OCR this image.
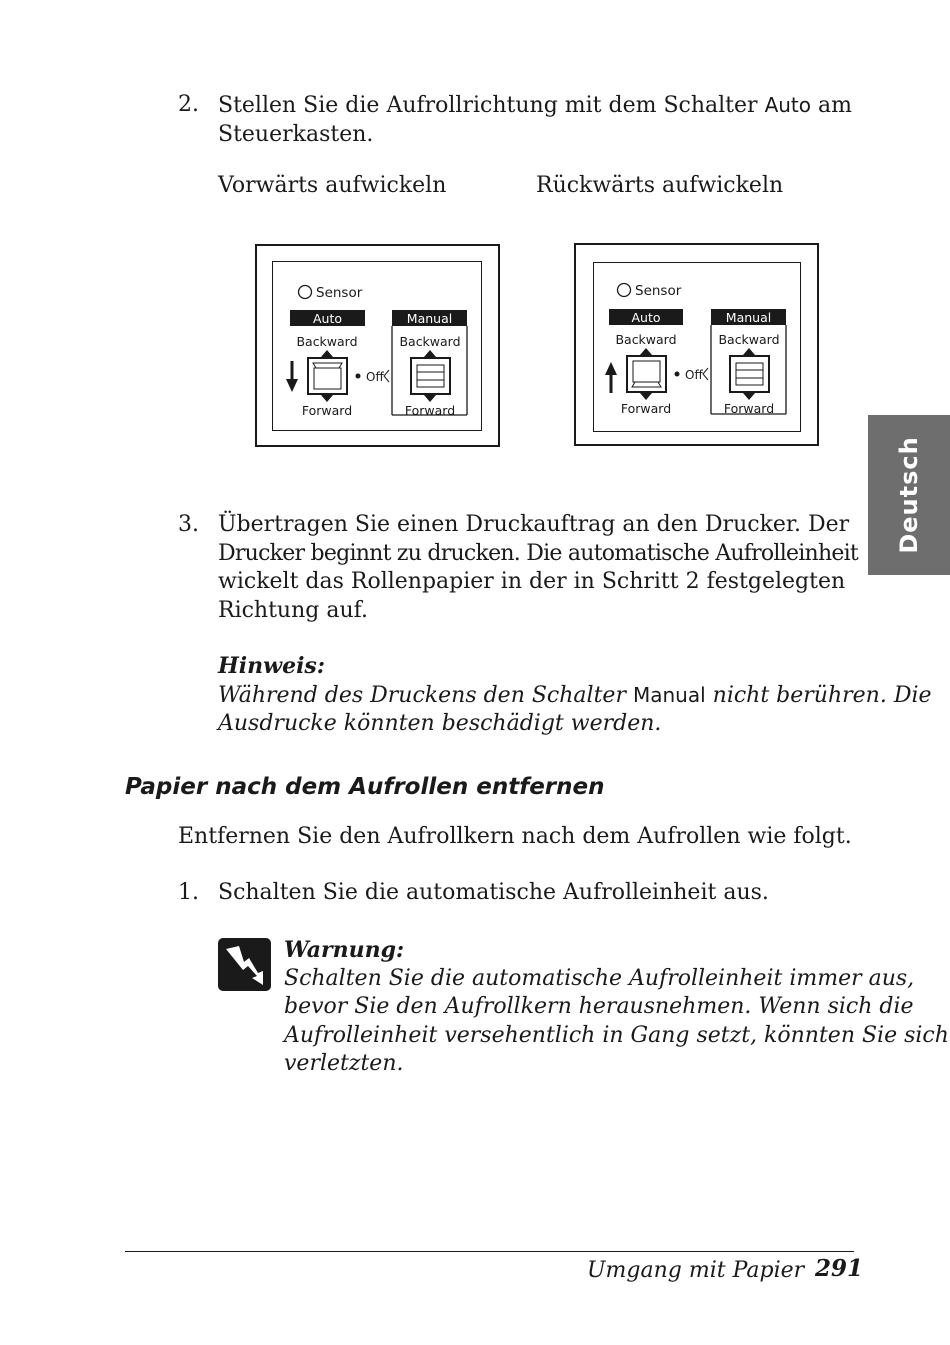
2. Stellen Sie die Aufrollrichtung mit dem Schalter Auto am
Steuerkasten.
Vorwärts aufwickeln	Rückwärts aufwickeln
Sensor
Auto	Manual
Backward	Backward
Off
Forward	Forward
Sensor
Auto	Manual
Backward	Backward
Off
Forward	Forward
Deutsch
3. Übertragen Sie einen Druckauftrag an den Drucker. Der
Drucker beginnt zu drucken. Die automatische Aufrolleinheit
wickelt das Rollenpapier in der in Schritt 2 festgelegten
Richtung auf.
Hinweis:
Während des Druckens den Schalter Manual nicht berühren. Die
Ausdrucke könnten beschädigt werden.
Papier nach dem Aufrollen entfernen
Entfernen Sie den Aufrollkern nach dem Aufrollen wie folgt.
1. Schalten Sie die automatische Aufrolleinheit aus.
Warnung:
Schalten Sie die automatische Aufrolleinheit immer aus,
bevor Sie den Aufrollkern herausnehmen. Wenn sich die
Aufrolleinheit versehentlich in Gang setzt, könnten Sie sich
verletzten.
Umgang mit Papier 291
